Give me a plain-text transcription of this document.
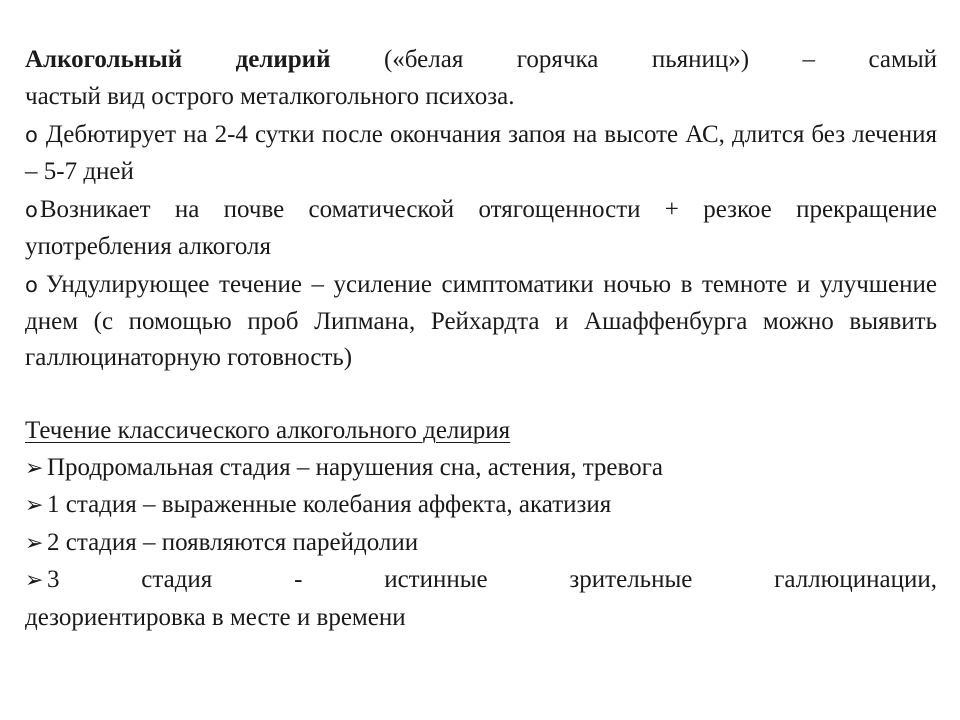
Алкогольный делирий («белая горячка пьяниц») – самый

частый вид острого металкогольного психоза.

o Дебютирует на 2-4 сутки после окончания запоя на высоте АС, длится без лечения – 5-7 дней

oВозникает на почве соматической отягощенности + резкое прекращение употребления алкоголя

o Ундулирующее течение – усиление симптоматики ночью в темноте и улучшение днем (с помощью проб Липмана, Рейхардта и Ашаффенбурга можно выявить галлюцинаторную готовность)

Течение классического алкогольного делирия

➢ Продромальная стадия – нарушения сна, астения, тревога

➢ 1 стадия – выраженные колебания аффекта, акатизия

➢ 2 стадия – появляются парейдолии

➢ 3	стадия	-	истинные	зрительные	галлюцинации,

дезориентировка в месте и времени
